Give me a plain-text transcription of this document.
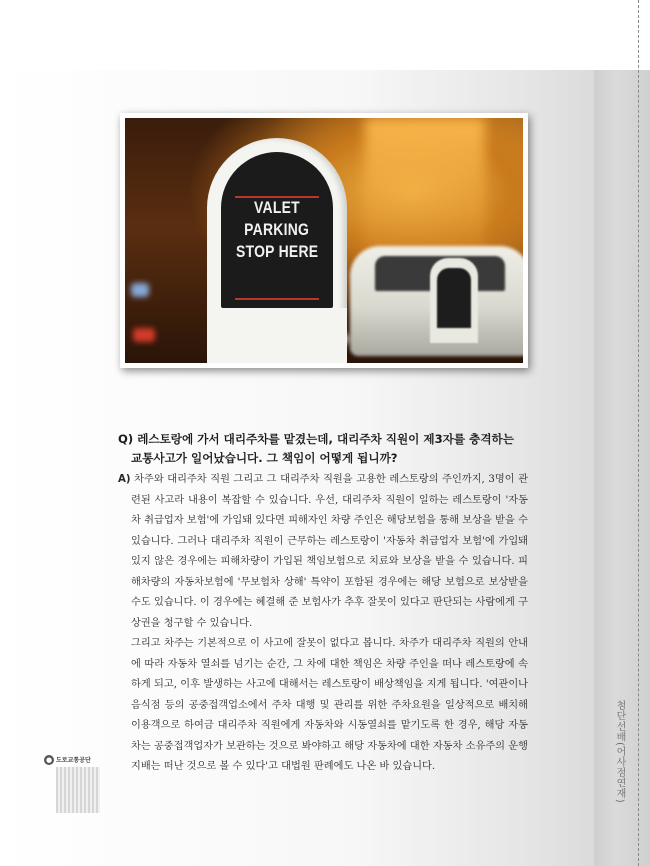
첨단선배(어사점연재)
VALET
PARKING
STOP HERE
Q) 레스토랑에 가서 대리주차를 맡겼는데, 대리주차 직원이 제3자를 충격하는 교통사고가 일어났습니다. 그 책임이 어떻게 됩니까?

A) 차주와 대리주차 직원 그리고 그 대리주차 직원을 고용한 레스토랑의 주인까지, 3명이 관련된 사고라 내용이 복잡할 수 있습니다. 우선, 대리주차 직원이 일하는 레스토랑이 '자동차 취급업자 보험'에 가입돼 있다면 피해자인 차량 주인은 해당보험을 통해 보상을 받을 수 있습니다. 그러나 대리주차 직원이 근무하는 레스토랑이 '자동차 취급업자 보험'에 가입돼 있지 않은 경우에는 피해차량이 가입된 책임보험으로 치료와 보상을 받을 수 있습니다. 피해차량의 자동차보험에 '무보험차 상해' 특약이 포함된 경우에는 해당 보험으로 보상받을 수도 있습니다. 이 경우에는 혜결해 준 보험사가 추후 잘못이 있다고 판단되는 사람에게 구상권을 청구할 수 있습니다.

그리고 차주는 기본적으로 이 사고에 잘못이 없다고 봅니다. 차주가 대리주차 직원의 안내에 따라 자동차 열쇠를 넘기는 순간, 그 차에 대한 책임은 차량 주인을 떠나 레스토랑에 속하게 되고, 이후 발생하는 사고에 대해서는 레스토랑이 배상책임을 지게 됩니다. '여관이나 음식점 등의 공중접객업소에서 주차 대행 및 관리를 위한 주차요원을 일상적으로 배치해 이용객으로 하여금 대리주차 직원에게 자동차와 시동열쇠를 맡기도록 한 경우, 해당 자동차는 공중접객업자가 보관하는 것으로 봐야하고 해당 자동차에 대한 자동차 소유주의 운행지배는 떠난 것으로 볼 수 있다'고 대법원 판례에도 나온 바 있습니다.

● 도로교통공단
